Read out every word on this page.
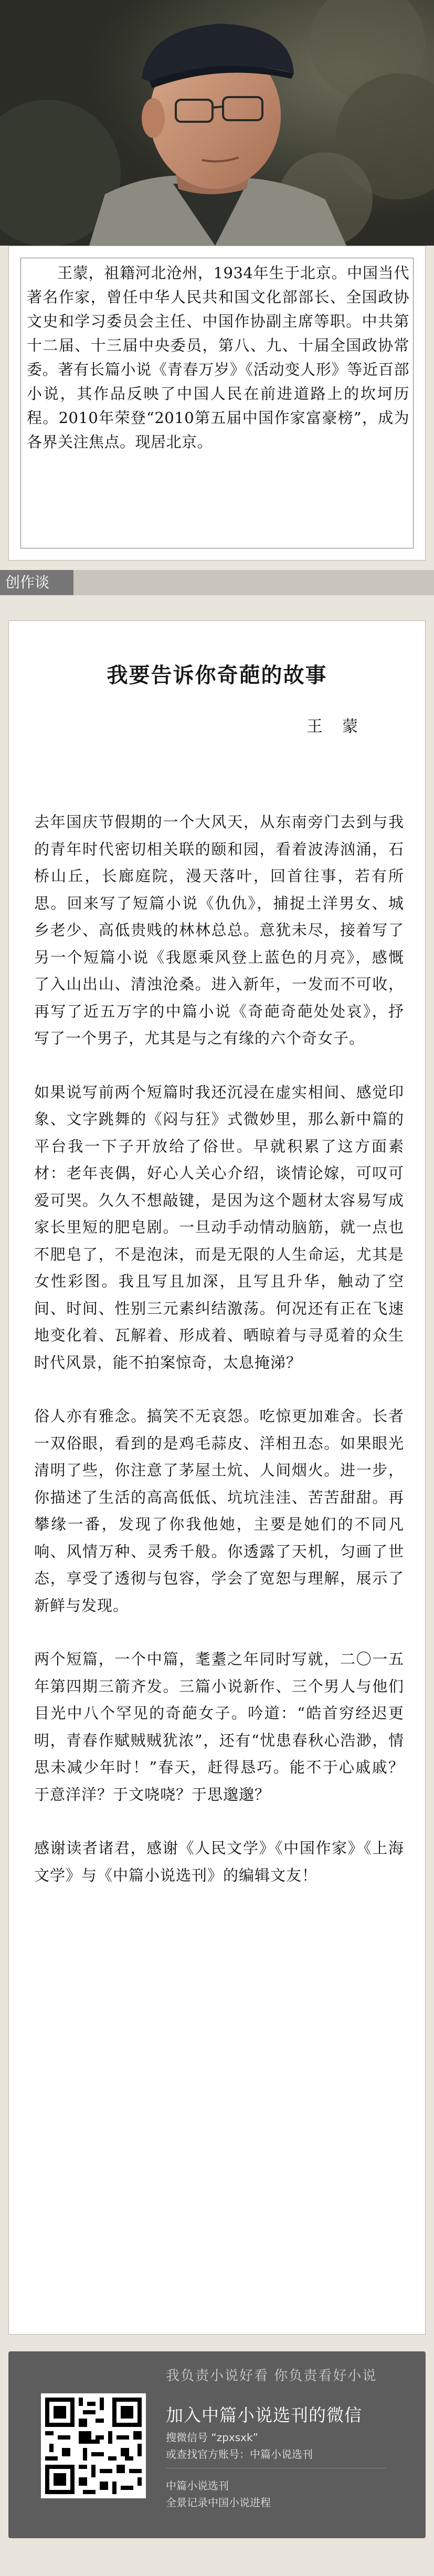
王蒙，祖籍河北沧州，1934年生于北京。中国当代著名作家，曾任中华人民共和国文化部部长、全国政协文史和学习委员会主任、中国作协副主席等职。中共第十二届、十三届中央委员，第八、九、十届全国政协常委。著有长篇小说《青春万岁》《活动变人形》等近百部小说，其作品反映了中国人民在前进道路上的坎坷历程。2010年荣登“2010第五届中国作家富豪榜”，成为各界关注焦点。现居北京。
创作谈
我要告诉你奇葩的故事
王 蒙

去年国庆节假期的一个大风天，从东南旁门去到与我的青年时代密切相关联的颐和园，看着波涛汹涌，石桥山丘，长廊庭院，漫天落叶，回首往事，若有所思。回来写了短篇小说《仇仇》，捕捉土洋男女、城乡老少、高低贵贱的林林总总。意犹未尽，接着写了另一个短篇小说《我愿乘风登上蓝色的月亮》，感慨了入山出山、清浊沧桑。进入新年，一发而不可收，再写了近五万字的中篇小说《奇葩奇葩处处哀》，抒写了一个男子，尤其是与之有缘的六个奇女子。

如果说写前两个短篇时我还沉浸在虚实相间、感觉印象、文字跳舞的《闷与狂》式微妙里，那么新中篇的平台我一下子开放给了俗世。早就积累了这方面素材：老年丧偶，好心人关心介绍，谈情论嫁，可叹可爱可哭。久久不想敲键，是因为这个题材太容易写成家长里短的肥皂剧。一旦动手动情动脑筋，就一点也不肥皂了，不是泡沫，而是无限的人生命运，尤其是女性彩图。我且写且加深，且写且升华，触动了空间、时间、性别三元素纠结激荡。何况还有正在飞速地变化着、瓦解着、形成着、晒晾着与寻觅着的众生时代风景，能不拍案惊奇，太息掩涕？

俗人亦有雅念。搞笑不无哀怨。吃惊更加难舍。长者一双俗眼，看到的是鸡毛蒜皮、洋相丑态。如果眼光清明了些，你注意了茅屋土炕、人间烟火。进一步，你描述了生活的高高低低、坑坑洼洼、苦苦甜甜。再攀缘一番，发现了你我他她，主要是她们的不同凡响、风情万种、灵秀千般。你透露了天机，匀画了世态，享受了透彻与包容，学会了宽恕与理解，展示了新鲜与发现。

两个短篇，一个中篇，耄耋之年同时写就，二〇一五年第四期三箭齐发。三篇小说新作、三个男人与他们目光中八个罕见的奇葩女子。吟道：“皓首穷经迟更明，青春作赋贼贼犹浓”，还有“忧患春秋心浩渺，情思未减少年时！”春天，赶得恳巧。能不于心戚戚？于意洋洋？于文哓哓？于思邈邈？

感谢读者诸君，感谢《人民文学》《中国作家》《上海文学》与《中篇小说选刊》的编辑文友！

我负责小说好看 你负责看好小说
加入中篇小说选刊的微信
搜微信号 “zpxsxk”
或查找官方账号：中篇小说选刊
中篇小说选刊
全景记录中国小说进程
